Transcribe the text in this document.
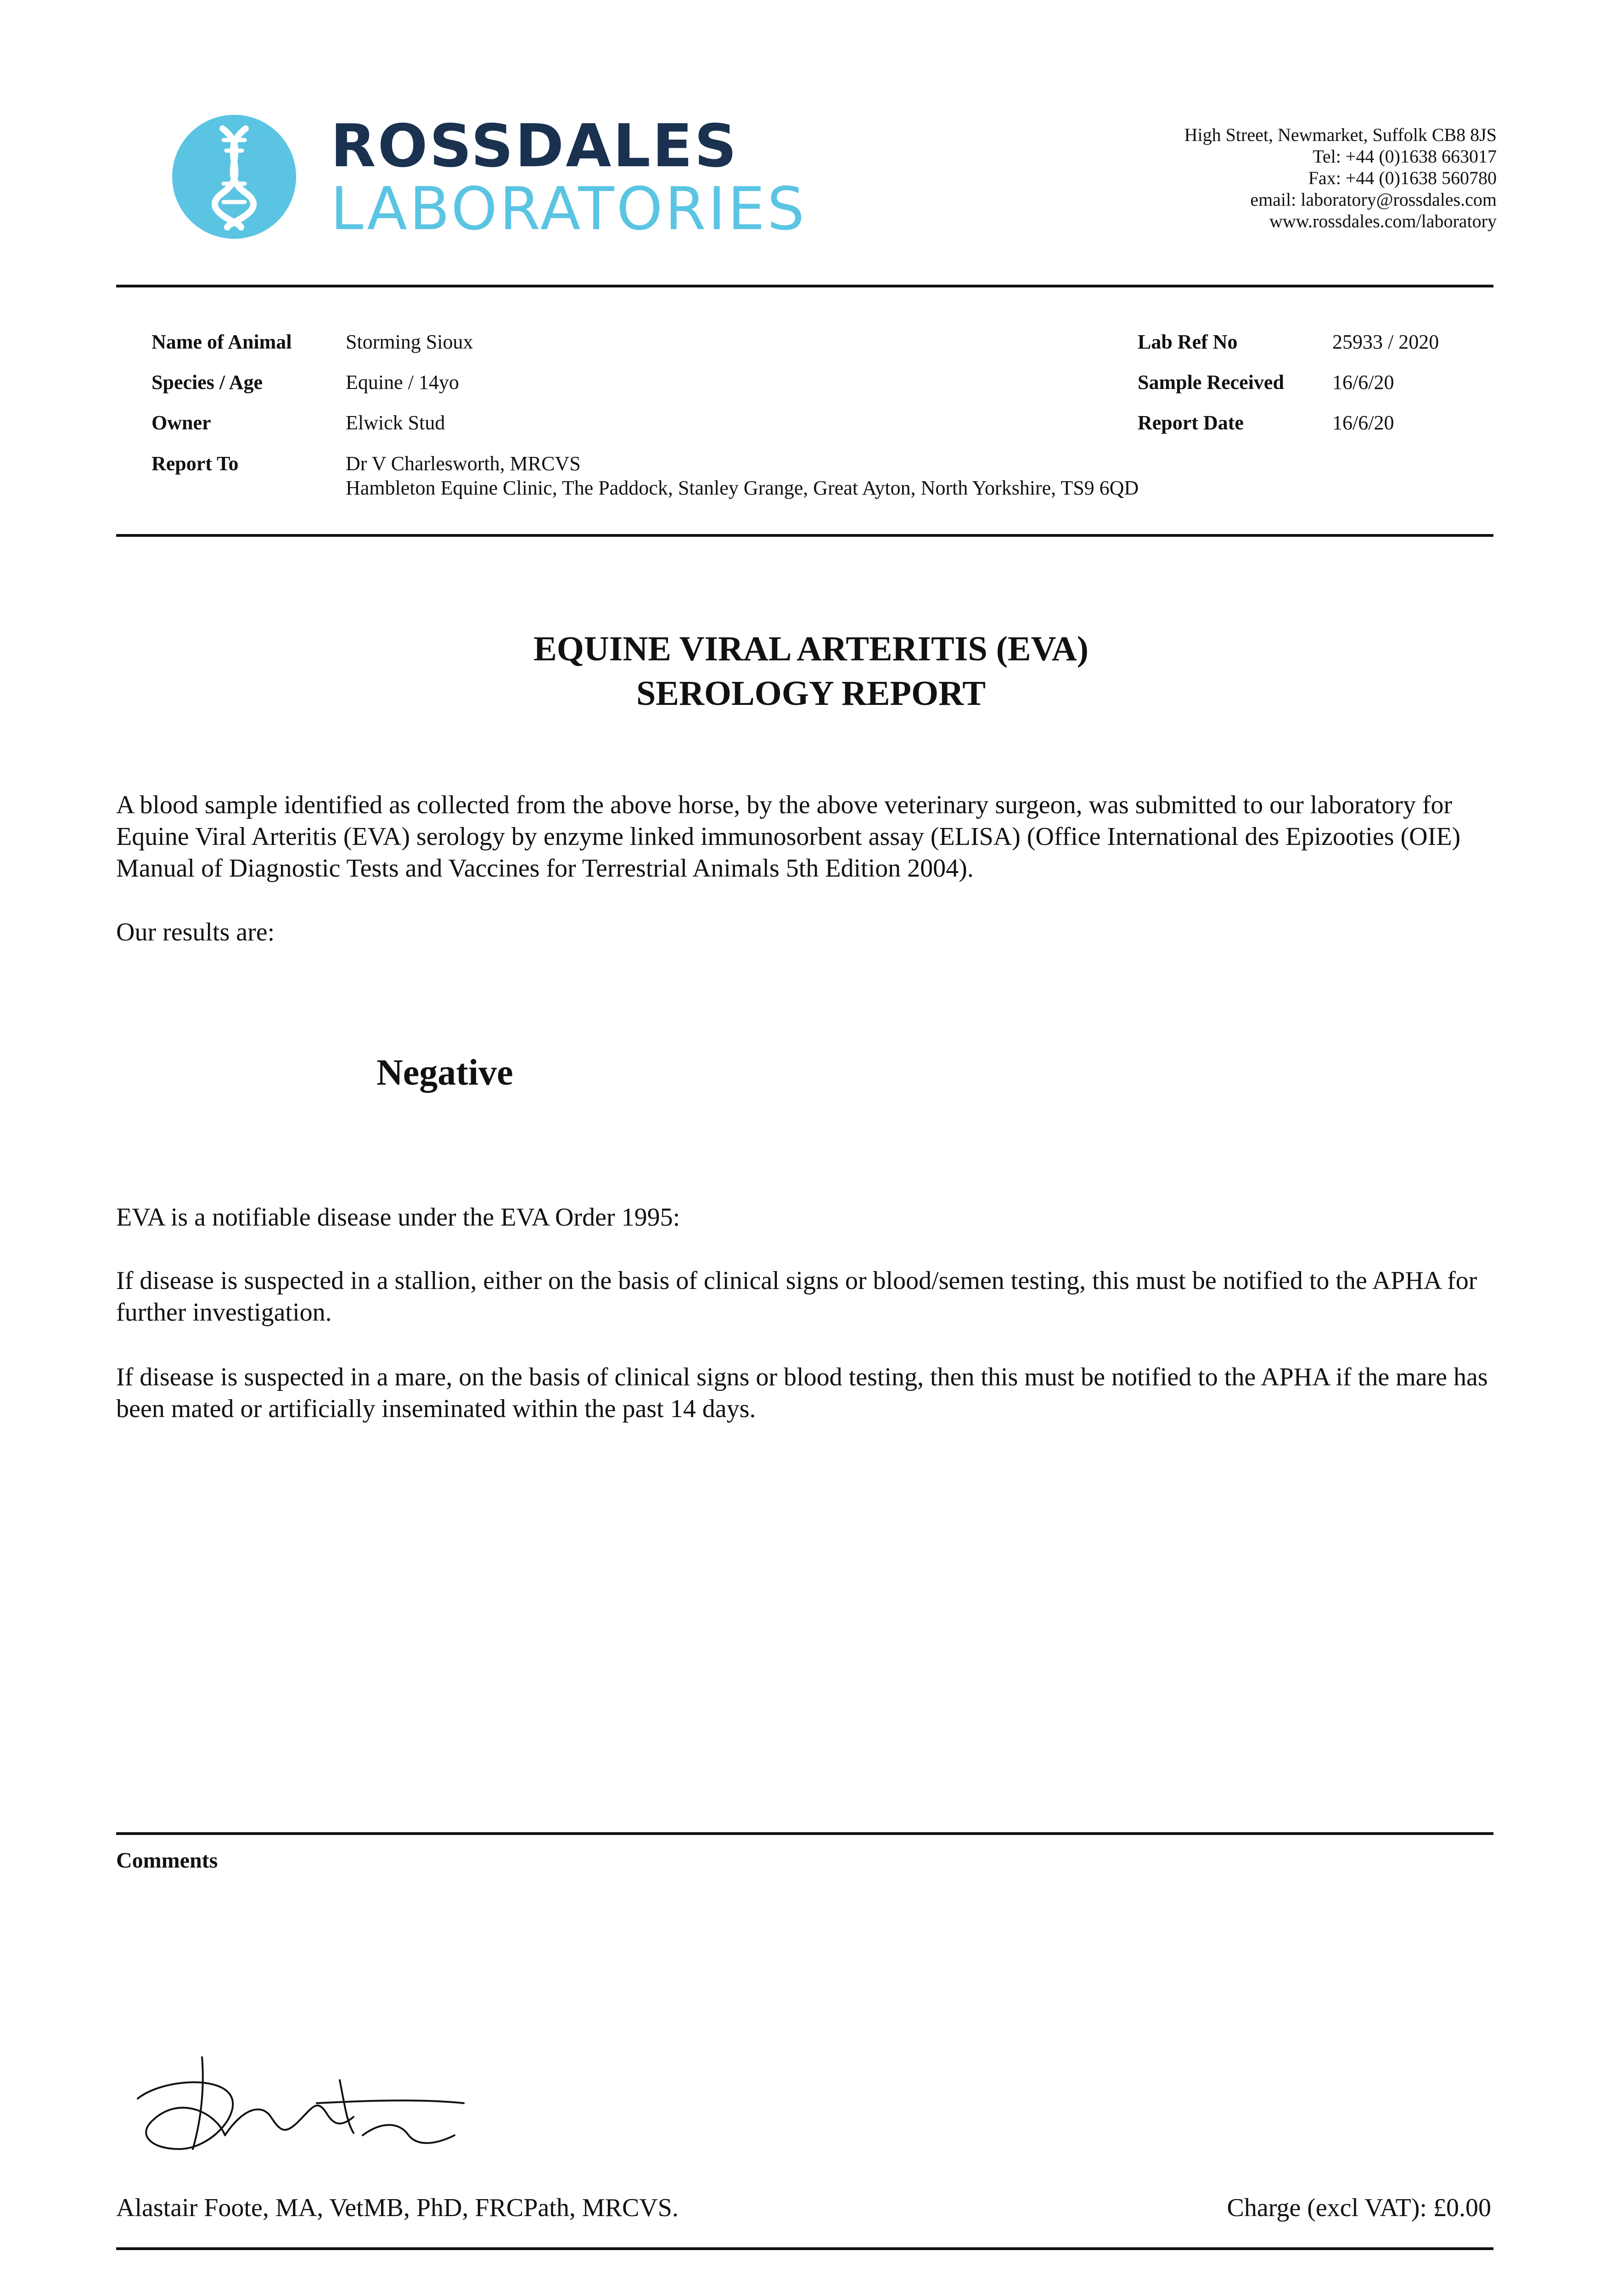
ROSSDALES
LABORATORIES
High Street, Newmarket, Suffolk CB8 8JS
Tel: +44 (0)1638 663017
Fax: +44 (0)1638 560780
email: laboratory@rossdales.com
www.rossdales.com/laboratory
Name of Animal	Storming Sioux
Species / Age	Equine / 14yo
Owner	Elwick Stud
Report To	Dr V Charlesworth, MRCVS
Hambleton Equine Clinic, The Paddock, Stanley Grange, Great Ayton, North Yorkshire, TS9 6QD
Lab Ref No	25933 / 2020
Sample Received 16/6/20
Report Date	16/6/20
EQUINE VIRAL ARTERITIS (EVA)
SEROLOGY REPORT
A blood sample identified as collected from the above horse, by the above veterinary surgeon, was submitted to our laboratory for Equine Viral Arteritis (EVA) serology by enzyme linked immunosorbent assay (ELISA) (Office International des Epizooties (OIE) Manual of Diagnostic Tests and Vaccines for Terrestrial Animals 5th Edition 2004).
Our results are:
Negative
EVA is a notifiable disease under the EVA Order 1995:
If disease is suspected in a stallion, either on the basis of clinical signs or blood/semen testing, this must be notified to the APHA for further investigation.
If disease is suspected in a mare, on the basis of clinical signs or blood testing, then this must be notified to the APHA if the mare has been mated or artificially inseminated within the past 14 days.
Comments
Alastair Foote, MA, VetMB, PhD, FRCPath, MRCVS.	Charge (excl VAT): £0.00
